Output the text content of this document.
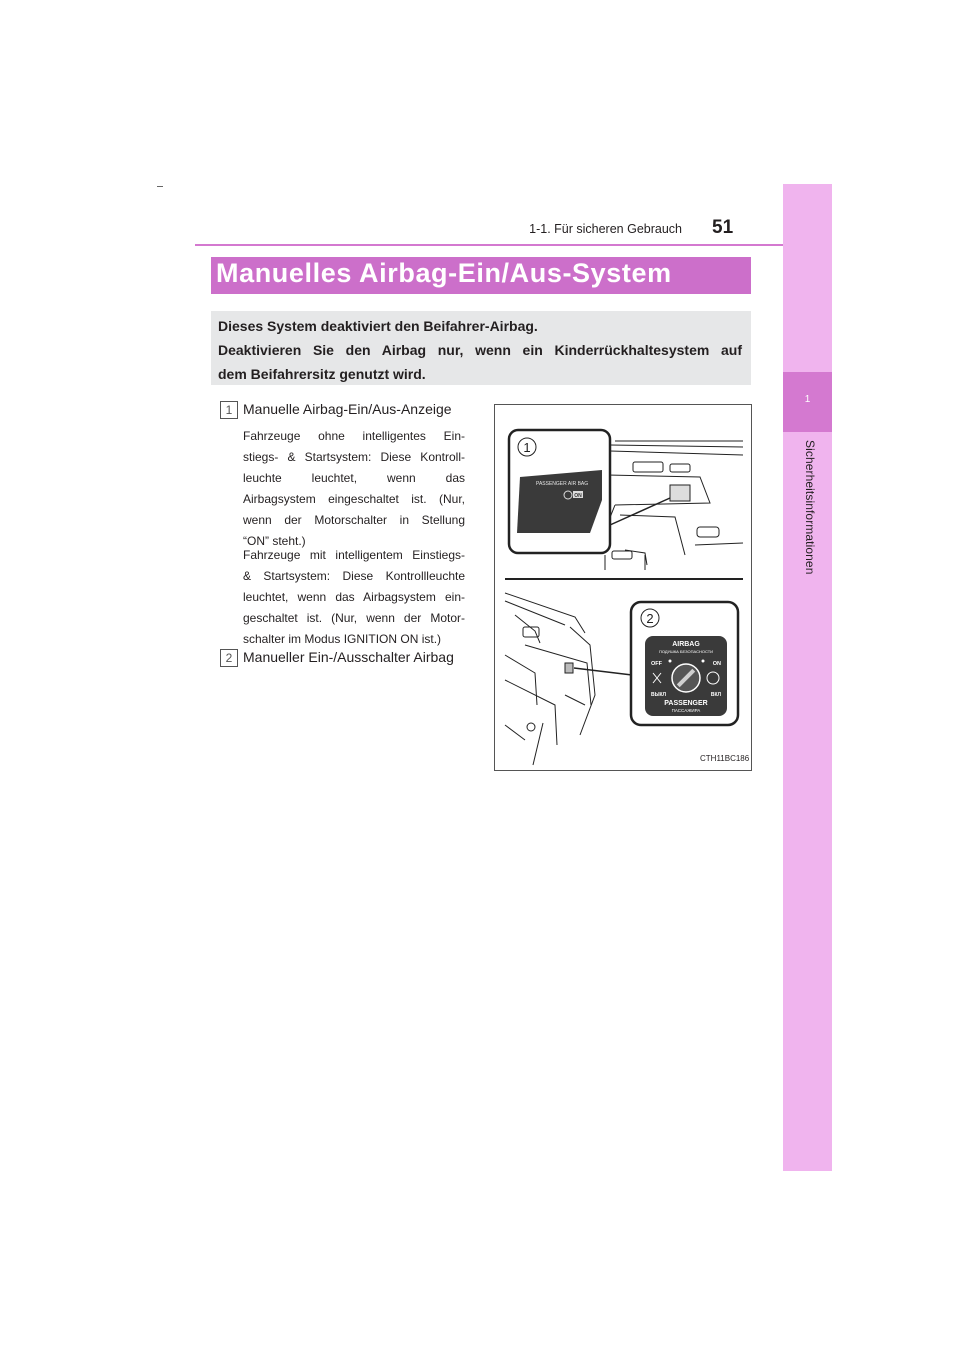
1-1. Für sicheren Gebrauch 51
1
Sicherheitsinformationen
Manuelles Airbag-Ein/Aus-System
Dieses System deaktiviert den Beifahrer-Airbag.
Deaktivieren Sie den Airbag nur, wenn ein Kinderrückhaltesystem auf
dem Beifahrersitz genutzt wird.
1 Manuelle Airbag-Ein/Aus-Anzeige
Fahrzeuge ohne intelligentes Ein-
stiegs- & Startsystem: Diese Kontroll-
leuchte leuchtet, wenn das
Airbagsystem eingeschaltet ist. (Nur,
wenn der Motorschalter in Stellung
“ON” steht.)
Fahrzeuge mit intelligentem Einstiegs-
& Startsystem: Diese Kontrollleuchte
leuchtet, wenn das Airbagsystem ein-
geschaltet ist. (Nur, wenn der Motor-
schalter im Modus IGNITION ON ist.)
2 Manueller Ein-/Ausschalter Airbag
1
PASSENGER AIR BAG
ON
2
AIRBAG
ПОДУШКА БЕЗОПАСНОСТИ
OFF	ON
ВЫКЛ	ВКЛ
PASSENGER
ПАССАЖИРА
CTH11BC186
